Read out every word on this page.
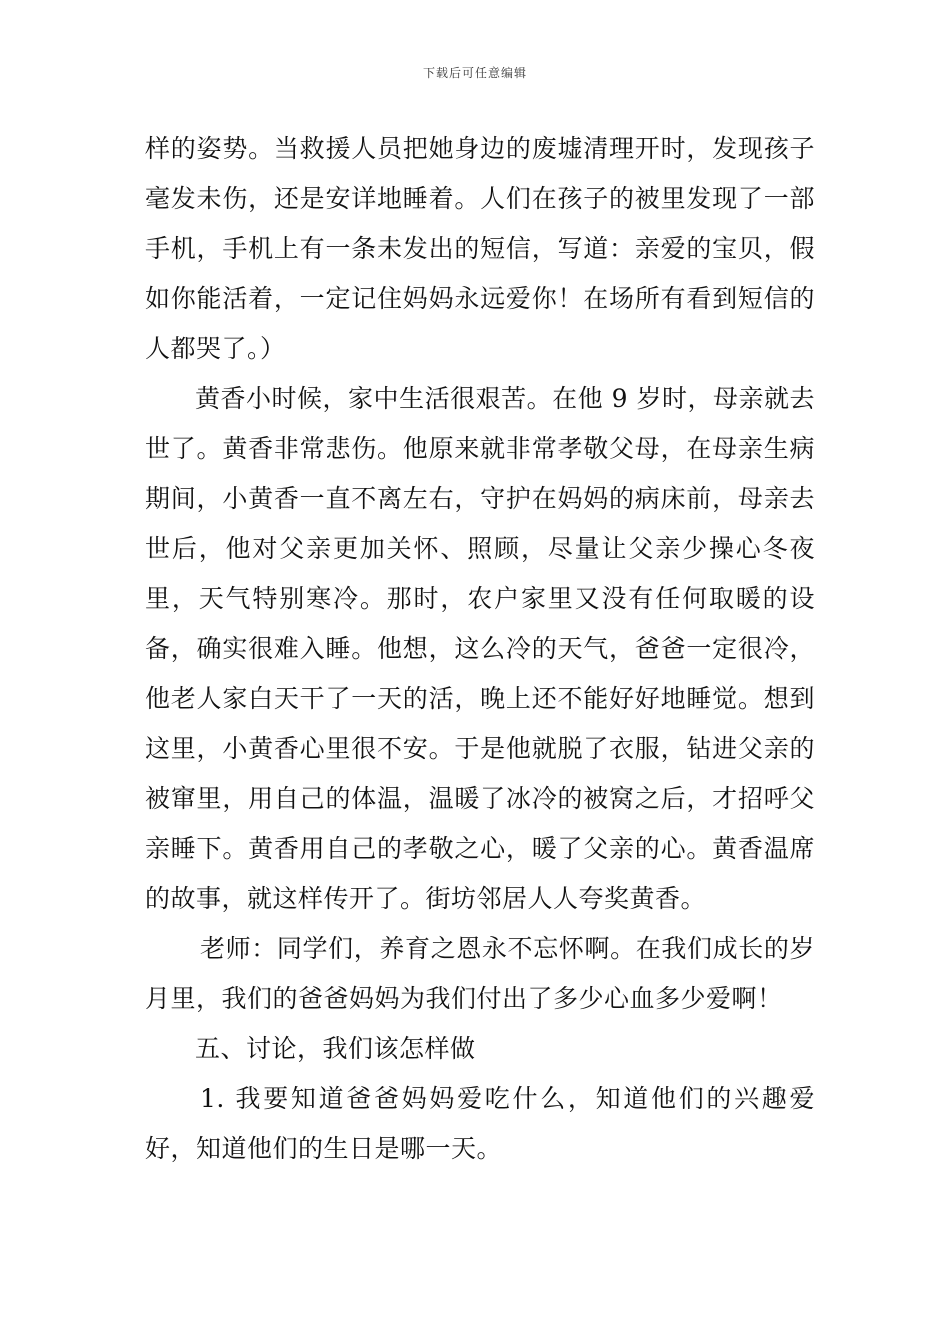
下载后可任意编辑

样的姿势。当救援人员把她身边的废墟清理开时，发现孩子毫发未伤，还是安详地睡着。人们在孩子的被里发现了一部手机，手机上有一条未发出的短信，写道：亲爱的宝贝，假如你能活着，一定记住妈妈永远爱你！在场所有看到短信的人都哭了。）

黄香小时候，家中生活很艰苦。在他 9 岁时，母亲就去世了。黄香非常悲伤。他原来就非常孝敬父母，在母亲生病期间，小黄香一直不离左右，守护在妈妈的病床前，母亲去世后，他对父亲更加关怀、照顾，尽量让父亲少操心冬夜里，天气特别寒冷。那时，农户家里又没有任何取暖的设备，确实很难入睡。他想，这么冷的天气，爸爸一定很冷，他老人家白天干了一天的活，晚上还不能好好地睡觉。想到这里，小黄香心里很不安。于是他就脱了衣服，钻进父亲的被窜里，用自己的体温，温暖了冰冷的被窝之后，才招呼父亲睡下。黄香用自己的孝敬之心，暖了父亲的心。黄香温席的故事，就这样传开了。街坊邻居人人夸奖黄香。

老师：同学们，养育之恩永不忘怀啊。在我们成长的岁月里，我们的爸爸妈妈为我们付出了多少心血多少爱啊！

五、讨论，我们该怎样做

1. 我要知道爸爸妈妈爱吃什么，知道他们的兴趣爱好，知道他们的生日是哪一天。
